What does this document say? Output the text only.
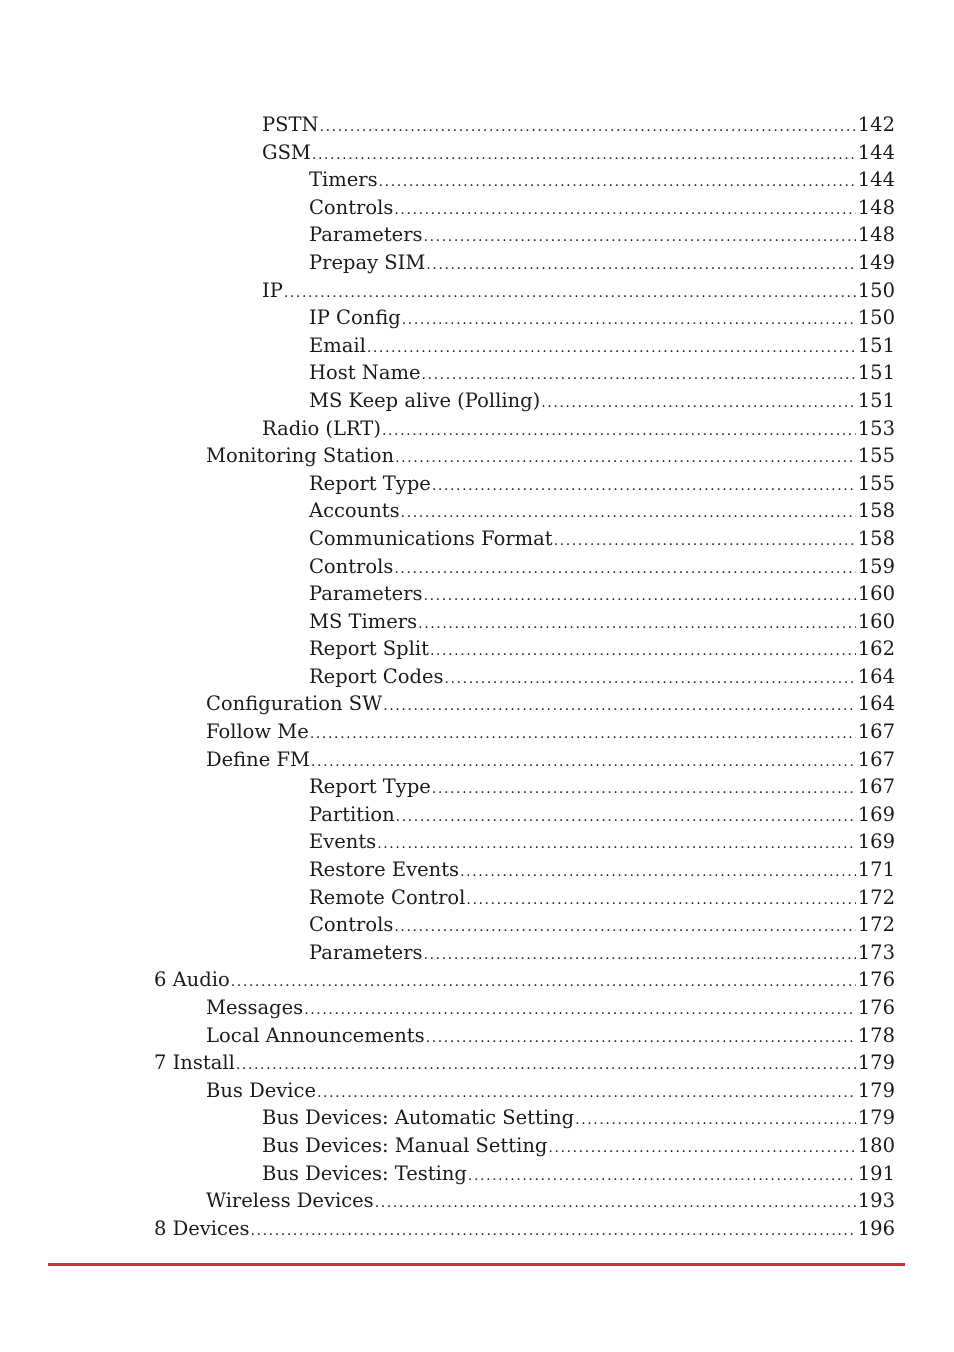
PSTN .....	142
GSM .....	144
Timers .....	144
Controls .....	148
Parameters .....	148
Prepay SIM .....	149
IP .....	150
IP Config .....	150
Email .....	151
Host Name .....	151
MS Keep alive (Polling) .....	151
Radio (LRT) .....	153
Monitoring Station .....	155
Report Type .....	155
Accounts .....	158
Communications Format .....	158
Controls .....	159
Parameters .....	160
MS Timers .....	160
Report Split .....	162
Report Codes .....	164
Configuration SW .....	164
Follow Me .....	167
Define FM .....	167
Report Type .....	167
Partition .....	169
Events .....	169
Restore Events .....	171
Remote Control .....	172
Controls .....	172
Parameters .....	173
6 Audio .....	176
Messages .....	176
Local Announcements .....	178
7 Install .....	179
Bus Device .....	179
Bus Devices: Automatic Setting .....	179
Bus Devices: Manual Setting .....	180
Bus Devices: Testing .....	191
Wireless Devices .....	193
8 Devices .....	196
